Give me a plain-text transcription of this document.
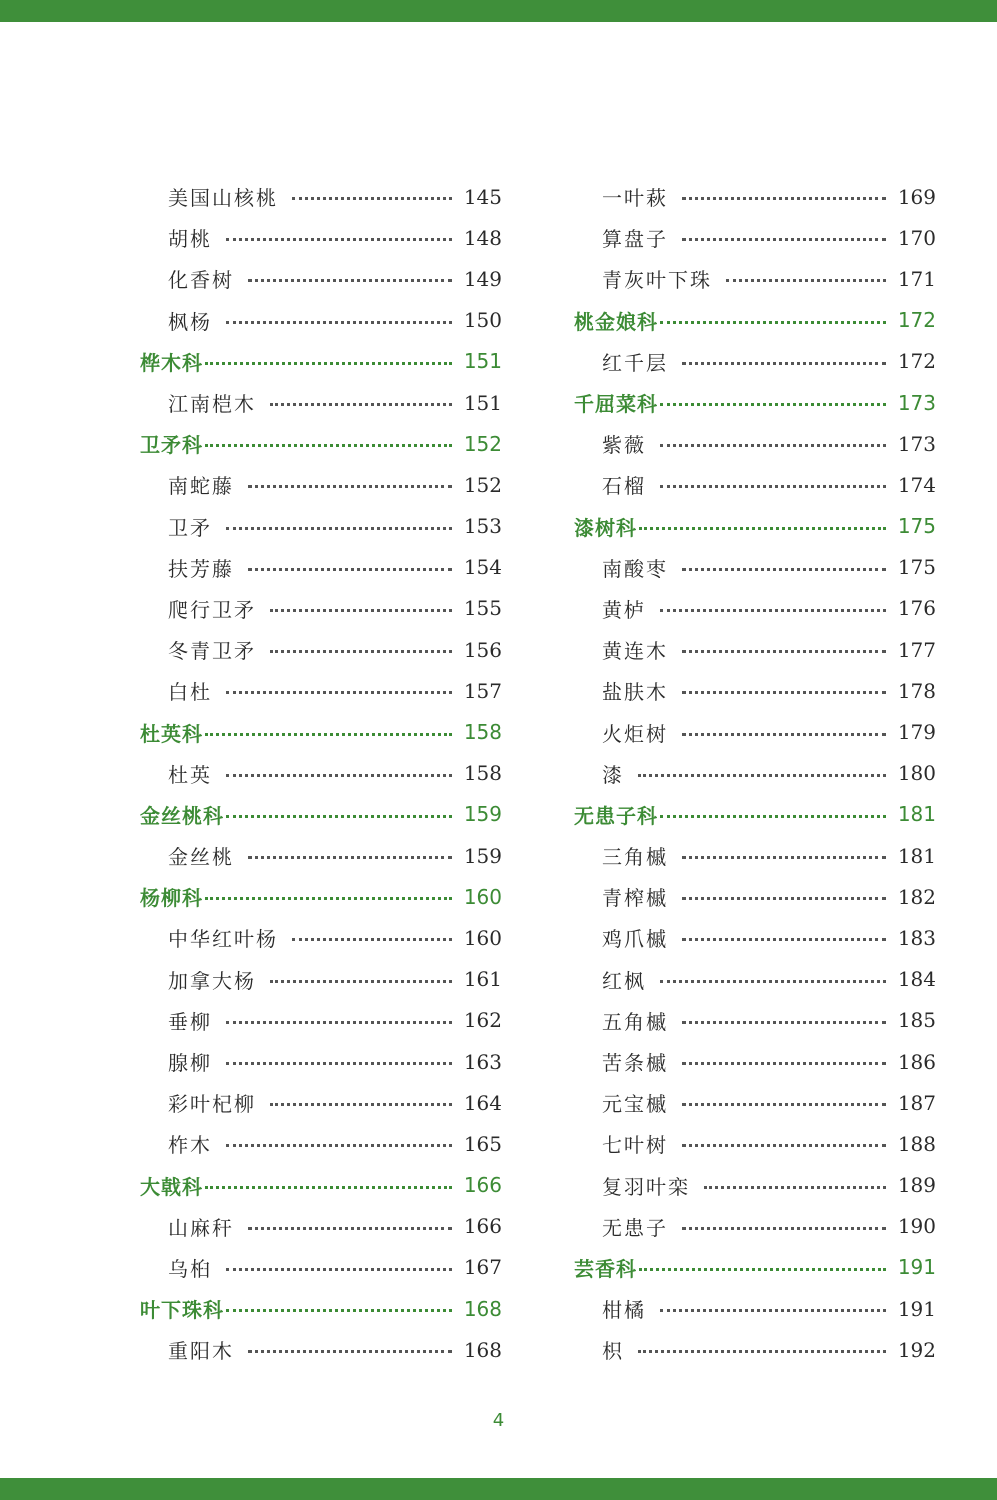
美国山核桃	145
胡桃	148
化香树	149
枫杨	150
桦木科	151
江南桤木	151
卫矛科	152
南蛇藤	152
卫矛	153
扶芳藤	154
爬行卫矛	155
冬青卫矛	156
白杜	157
杜英科	158
杜英	158
金丝桃科	159
金丝桃	159
杨柳科	160
中华红叶杨	160
加拿大杨	161
垂柳	162
腺柳	163
彩叶杞柳	164
柞木	165
大戟科	166
山麻秆	166
乌桕	167
叶下珠科	168
重阳木	168
一叶萩	169
算盘子	170
青灰叶下珠	171
桃金娘科	172
红千层	172
千屈菜科	173
紫薇	173
石榴	174
漆树科	175
南酸枣	175
黄栌	176
黄连木	177
盐肤木	178
火炬树	179
漆	180
无患子科	181
三角槭	181
青榨槭	182
鸡爪槭	183
红枫	184
五角槭	185
苦条槭	186
元宝槭	187
七叶树	188
复羽叶栾	189
无患子	190
芸香科	191
柑橘	191
枳	192
4
